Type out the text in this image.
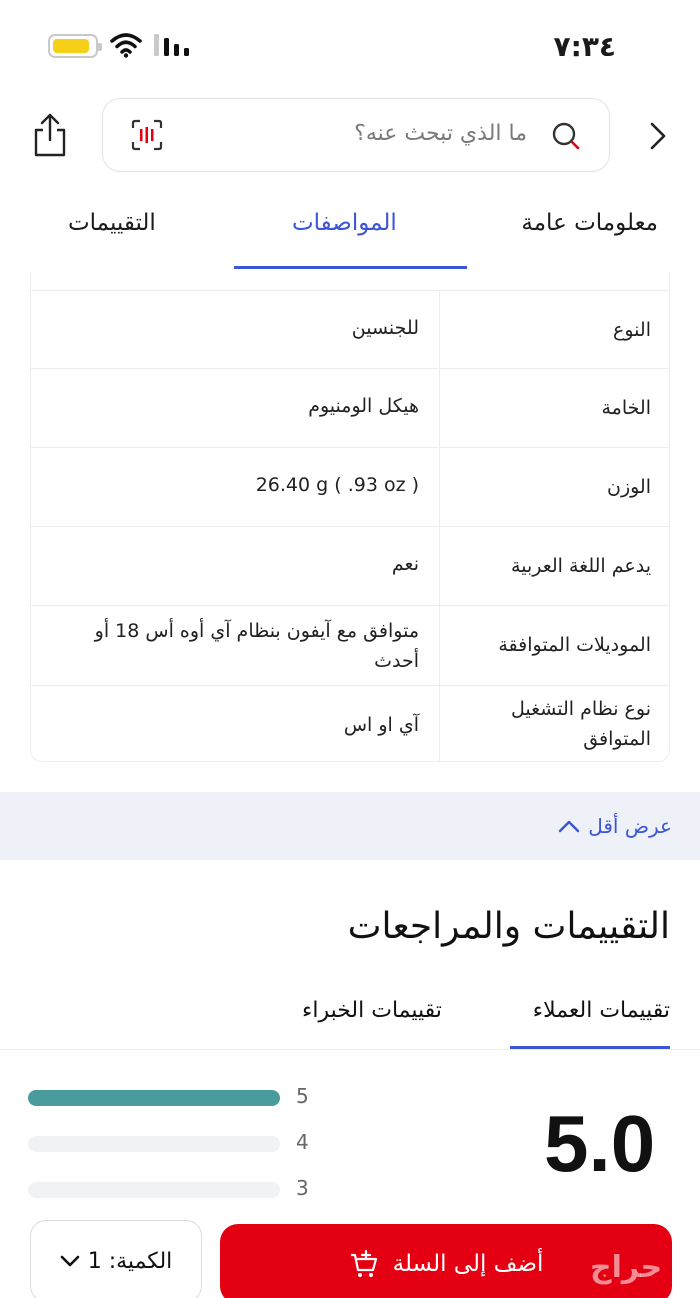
٧:٣٤
ما الذي تبحث عنه؟
معلومات عامة
المواصفات
التقييمات
النوع
للجنسين
الخامة
هيكل الومنيوم
الوزن
26.40 g ( .93 oz )
يدعم اللغة العربية
نعم
الموديلات المتوافقة
متوافق مع آيفون بنظام آي أوه أس 18 أو أحدث
نوع نظام التشغيل المتوافق
آي او اس
عرض أقل
التقييمات والمراجعات
تقييمات العملاء
تقييمات الخبراء
5.0
5
4
3
الكمية: 1	أضف إلى السلة حراج
